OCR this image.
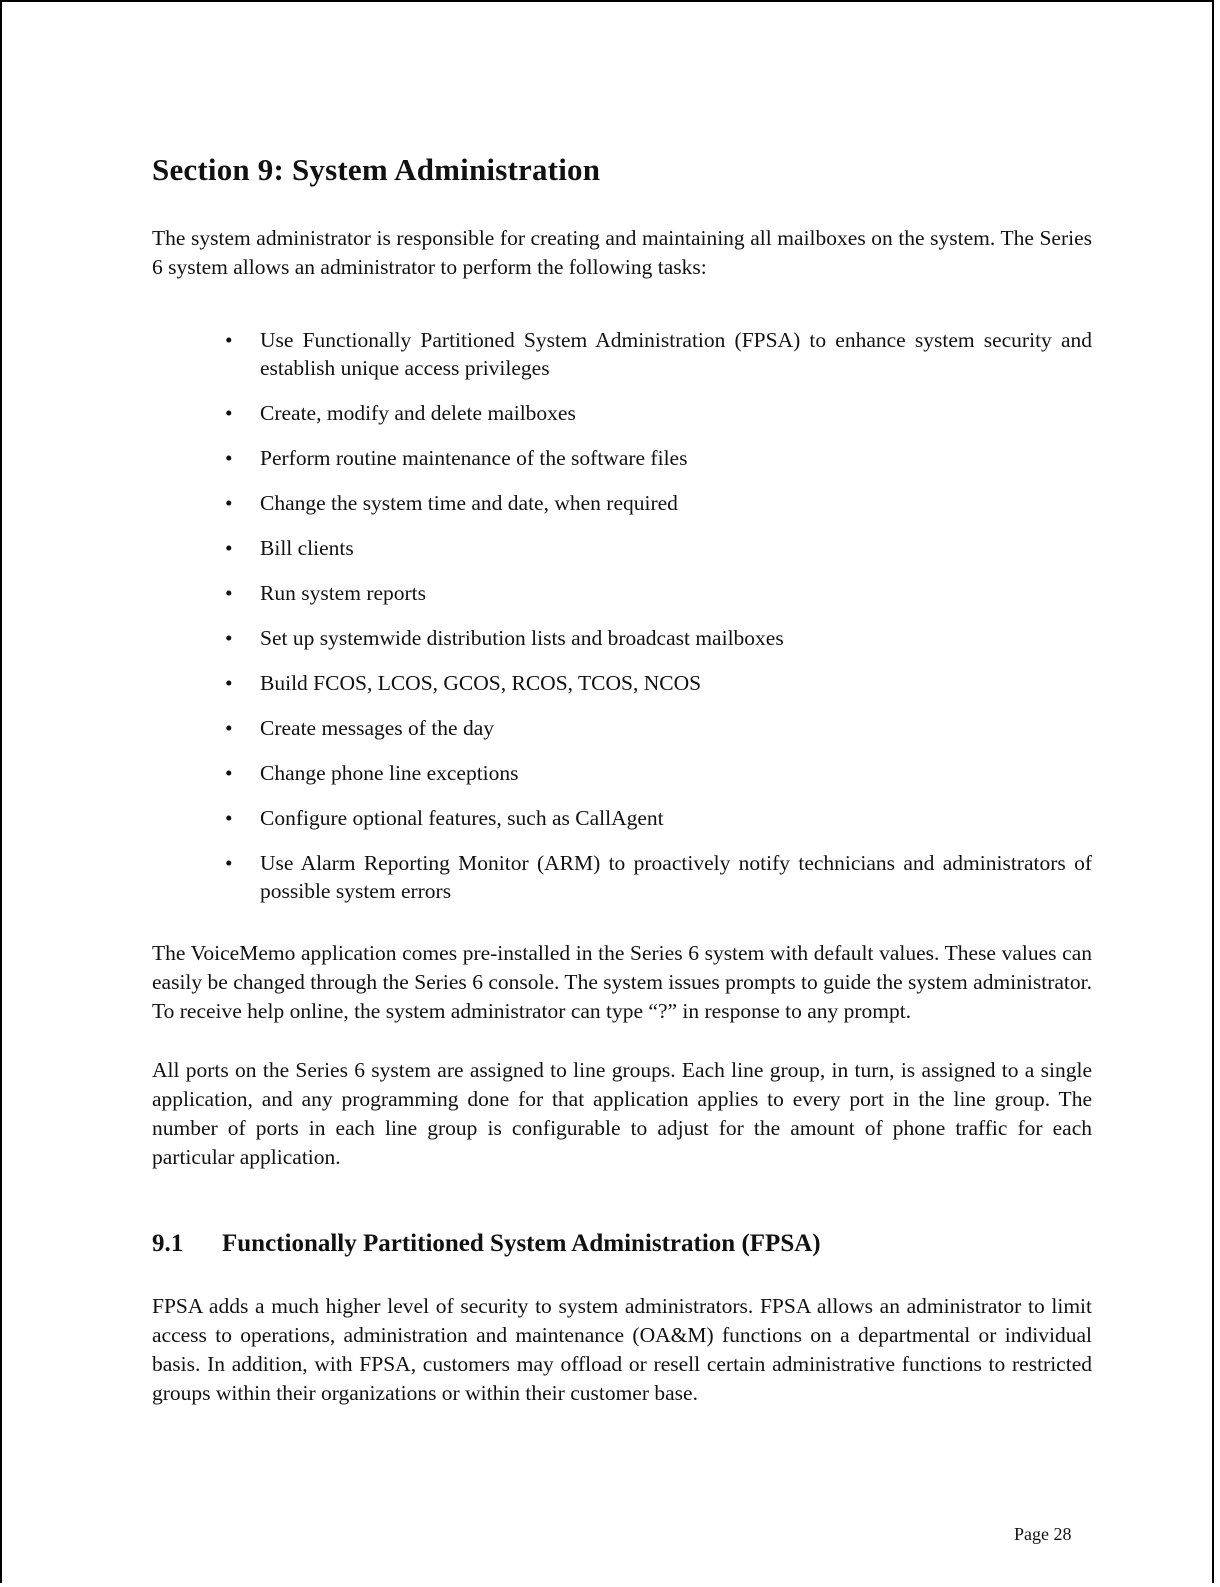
Section 9: System Administration

The system administrator is responsible for creating and maintaining all mailboxes on the system. The Series 6 system allows an administrator to perform the following tasks:

• Use Functionally Partitioned System Administration (FPSA) to enhance system security and establish unique access privileges
• Create, modify and delete mailboxes
• Perform routine maintenance of the software files
• Change the system time and date, when required
• Bill clients
• Run system reports
• Set up systemwide distribution lists and broadcast mailboxes
• Build FCOS, LCOS, GCOS, RCOS, TCOS, NCOS
• Create messages of the day
• Change phone line exceptions
• Configure optional features, such as CallAgent
• Use Alarm Reporting Monitor (ARM) to proactively notify technicians and administrators of possible system errors

The VoiceMemo application comes pre-installed in the Series 6 system with default values. These values can easily be changed through the Series 6 console. The system issues prompts to guide the system administrator. To receive help online, the system administrator can type “?” in response to any prompt.

All ports on the Series 6 system are assigned to line groups. Each line group, in turn, is assigned to a single application, and any programming done for that application applies to every port in the line group. The number of ports in each line group is configurable to adjust for the amount of phone traffic for each particular application.

9.1	Functionally Partitioned System Administration (FPSA)

FPSA adds a much higher level of security to system administrators. FPSA allows an administrator to limit access to operations, administration and maintenance (OA&M) functions on a departmental or individual basis. In addition, with FPSA, customers may offload or resell certain administrative functions to restricted groups within their organizations or within their customer base.

Page 28
